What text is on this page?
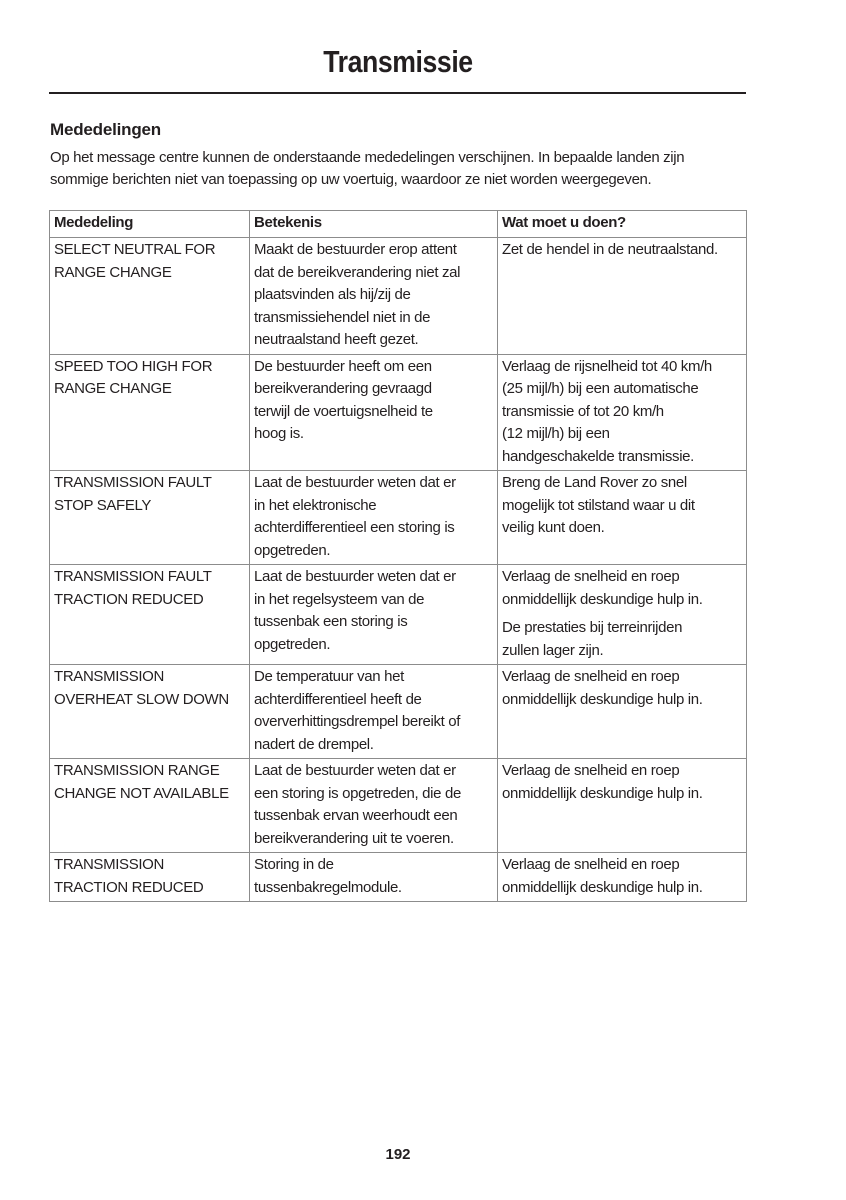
Transmissie
Mededelingen
Op het message centre kunnen de onderstaande mededelingen verschijnen. In bepaalde landen zijn
sommige berichten niet van toepassing op uw voertuig, waardoor ze niet worden weergegeven.
Mededeling	Betekenis	Wat moet u doen?

SELECT NEUTRAL FOR
RANGE CHANGE	Maakt de bestuurder erop attent
dat de bereikverandering niet zal
plaatsvinden als hij/zij de
transmissiehendel niet in de
neutraalstand heeft gezet.	Zet de hendel in de neutraalstand.

SPEED TOO HIGH FOR
RANGE CHANGE	De bestuurder heeft om een
bereikverandering gevraagd
terwijl de voertuigsnelheid te
hoog is.	Verlaag de rijsnelheid tot 40 km/h
(25 mijl/h) bij een automatische
transmissie of tot 20 km/h
(12 mijl/h) bij een
handgeschakelde transmissie.

TRANSMISSION FAULT
STOP SAFELY	Laat de bestuurder weten dat er
in het elektronische
achterdifferentieel een storing is
opgetreden.	Breng de Land Rover zo snel
mogelijk tot stilstand waar u dit
veilig kunt doen.

TRANSMISSION FAULT
TRACTION REDUCED	Laat de bestuurder weten dat er
in het regelsysteem van de
tussenbak een storing is
opgetreden.	Verlaag de snelheid en roep
onmiddellijk deskundige hulp in.
De prestaties bij terreinrijden
zullen lager zijn.

TRANSMISSION
OVERHEAT SLOW DOWN	De temperatuur van het
achterdifferentieel heeft de
oververhittingsdrempel bereikt of
nadert de drempel.	Verlaag de snelheid en roep
onmiddellijk deskundige hulp in.

TRANSMISSION RANGE
CHANGE NOT AVAILABLE	Laat de bestuurder weten dat er
een storing is opgetreden, die de
tussenbak ervan weerhoudt een
bereikverandering uit te voeren.	Verlaag de snelheid en roep
onmiddellijk deskundige hulp in.

TRANSMISSION
TRACTION REDUCED	Storing in de
tussenbakregelmodule.	Verlaag de snelheid en roep
onmiddellijk deskundige hulp in.
192
